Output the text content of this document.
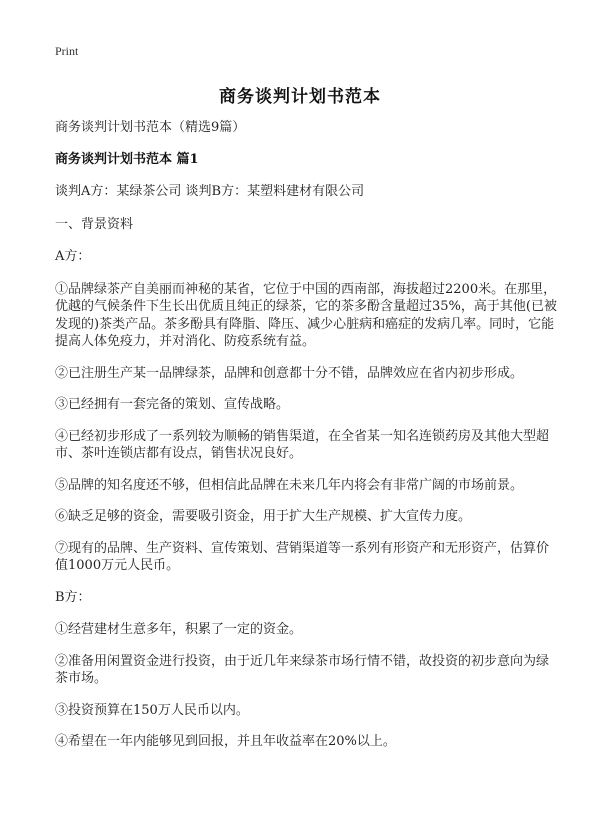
Print
商务谈判计划书范本

商务谈判计划书范本（精选9篇）

商务谈判计划书范本 篇1

谈判A方：某绿茶公司 谈判B方：某塑料建材有限公司

一、背景资料

A方：

①品牌绿茶产自美丽而神秘的某省，它位于中国的西南部，海拔超过2200米。在那里，优越的气候条件下生长出优质且纯正的绿茶，它的茶多酚含量超过35%，高于其他(已被发现的)茶类产品。茶多酚具有降脂、降压、减少心脏病和癌症的发病几率。同时，它能提高人体免疫力，并对消化、防疫系统有益。

②已注册生产某一品牌绿茶，品牌和创意都十分不错，品牌效应在省内初步形成。

③已经拥有一套完备的策划、宣传战略。

④已经初步形成了一系列较为顺畅的销售渠道，在全省某一知名连锁药房及其他大型超市、茶叶连锁店都有设点，销售状况良好。

⑤品牌的知名度还不够，但相信此品牌在未来几年内将会有非常广阔的市场前景。

⑥缺乏足够的资金，需要吸引资金，用于扩大生产规模、扩大宣传力度。

⑦现有的品牌、生产资料、宣传策划、营销渠道等一系列有形资产和无形资产，估算价值1000万元人民币。

B方：

①经营建材生意多年，积累了一定的资金。

②准备用闲置资金进行投资，由于近几年来绿茶市场行情不错，故投资的初步意向为绿茶市场。

③投资预算在150万人民币以内。

④希望在一年内能够见到回报，并且年收益率在20%以上。
